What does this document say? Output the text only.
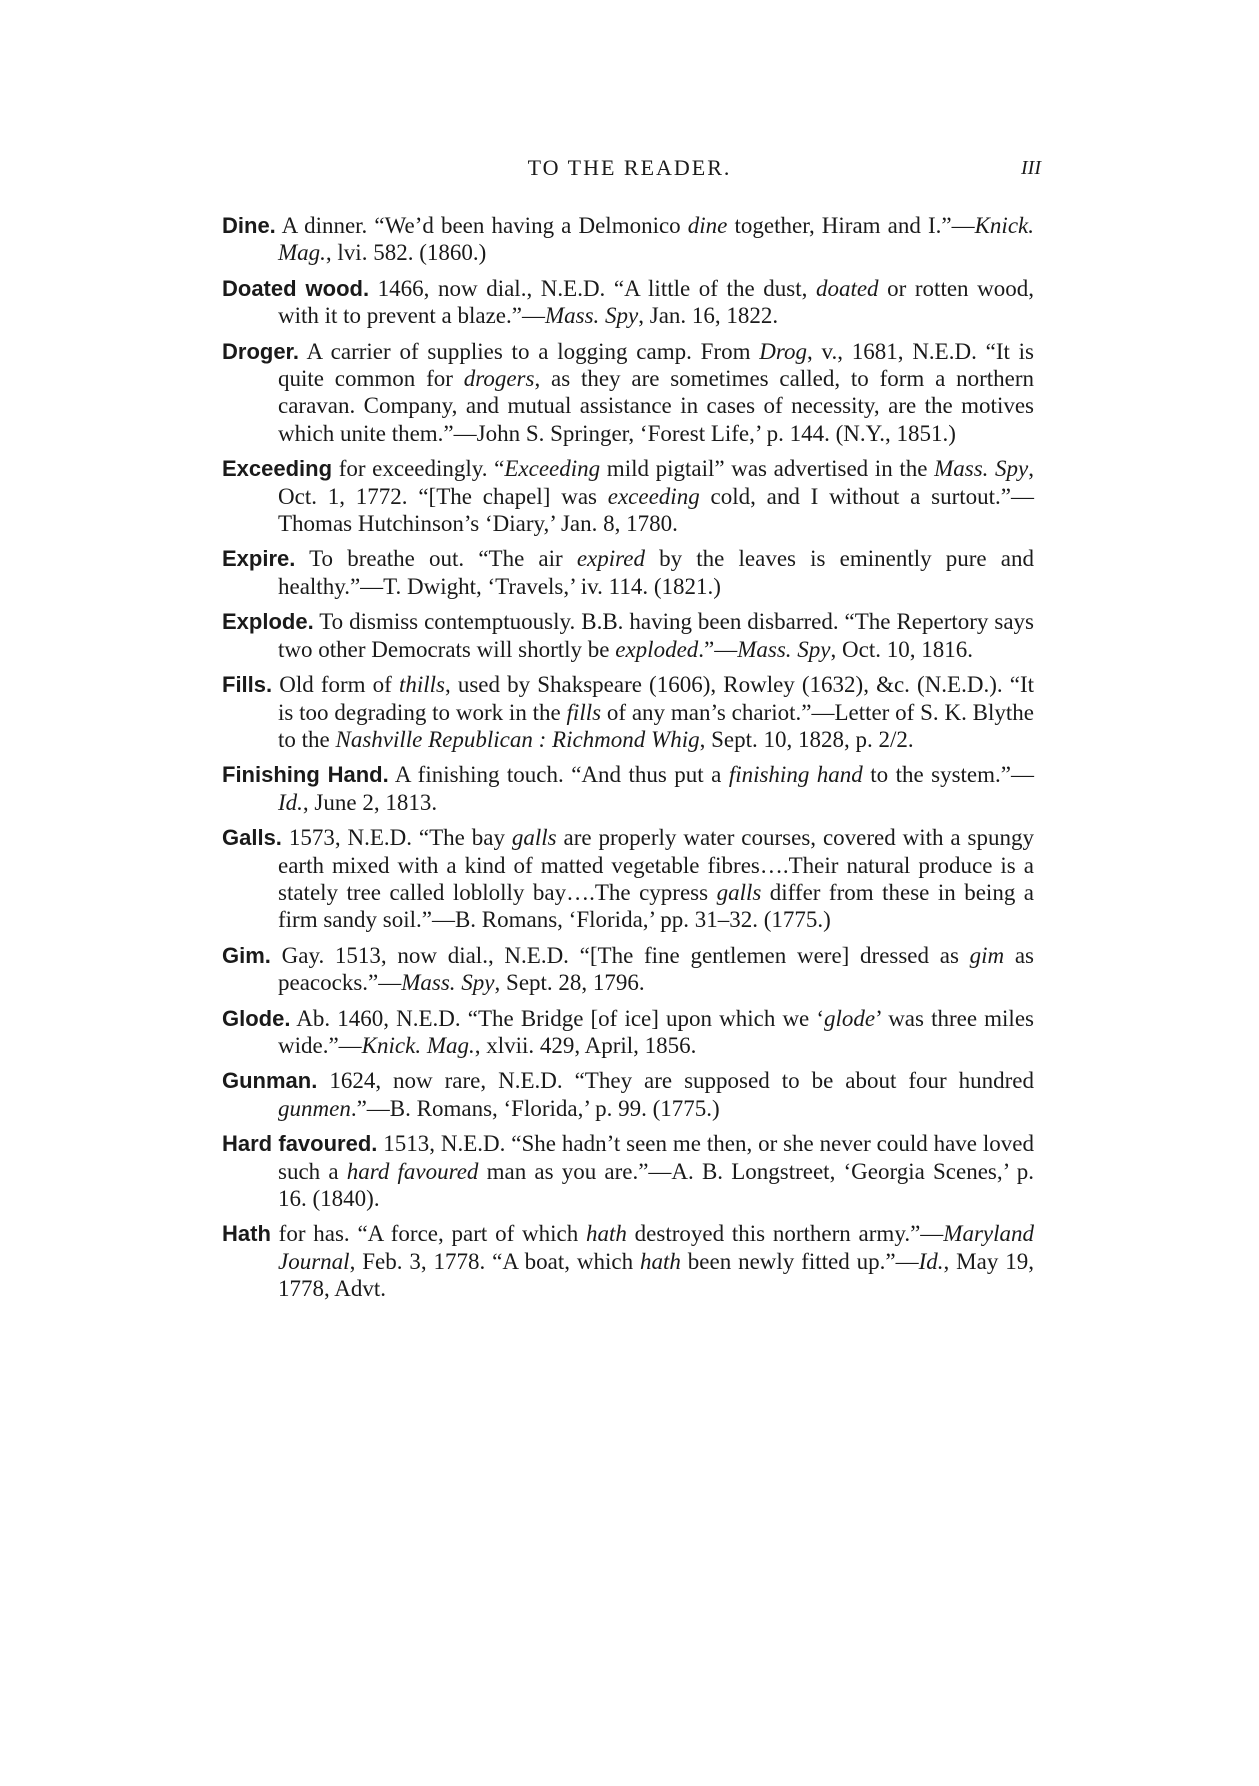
TO THE READER.	III

Dine. A dinner. “We’d been having a Delmonico dine together, Hiram and I.”—Knick. Mag., lvi. 582. (1860.)

Doated wood. 1466, now dial., N.E.D. “A little of the dust, doated or rotten wood, with it to prevent a blaze.”—Mass. Spy, Jan. 16, 1822.

Droger. A carrier of supplies to a logging camp. From Drog, v., 1681, N.E.D. “It is quite common for drogers, as they are sometimes called, to form a northern caravan. Company, and mutual assistance in cases of necessity, are the motives which unite them.”—John S. Springer, ‘Forest Life,’ p. 144. (N.Y., 1851.)

Exceeding for exceedingly. “Exceeding mild pigtail” was advertised in the Mass. Spy, Oct. 1, 1772. “[The chapel] was exceeding cold, and I without a surtout.”—Thomas Hutchinson’s ‘Diary,’ Jan. 8, 1780.

Expire. To breathe out. “The air expired by the leaves is eminently pure and healthy.”—T. Dwight, ‘Travels,’ iv. 114. (1821.)

Explode. To dismiss contemptuously. B.B. having been disbarred. “The Repertory says two other Democrats will shortly be exploded.”—Mass. Spy, Oct. 10, 1816.

Fills. Old form of thills, used by Shakspeare (1606), Rowley (1632), &c. (N.E.D.). “It is too degrading to work in the fills of any man’s chariot.”—Letter of S. K. Blythe to the Nashville Republican : Richmond Whig, Sept. 10, 1828, p. 2/2.

Finishing Hand. A finishing touch. “And thus put a finishing hand to the system.”—Id., June 2, 1813.

Galls. 1573, N.E.D. “The bay galls are properly water courses, covered with a spungy earth mixed with a kind of matted vegetable fibres….Their natural produce is a stately tree called loblolly bay….The cypress galls differ from these in being a firm sandy soil.”—B. Romans, ‘Florida,’ pp. 31–32. (1775.)

Gim. Gay. 1513, now dial., N.E.D. “[The fine gentlemen were] dressed as gim as peacocks.”—Mass. Spy, Sept. 28, 1796.

Glode. Ab. 1460, N.E.D. “The Bridge [of ice] upon which we ‘glode’ was three miles wide.”—Knick. Mag., xlvii. 429, April, 1856.

Gunman. 1624, now rare, N.E.D. “They are supposed to be about four hundred gunmen.”—B. Romans, ‘Florida,’ p. 99. (1775.)

Hard favoured. 1513, N.E.D. “She hadn’t seen me then, or she never could have loved such a hard favoured man as you are.”—A. B. Longstreet, ‘Georgia Scenes,’ p. 16. (1840).

Hath for has. “A force, part of which hath destroyed this northern army.”—Maryland Journal, Feb. 3, 1778. “A boat, which hath been newly fitted up.”—Id., May 19, 1778, Advt.
